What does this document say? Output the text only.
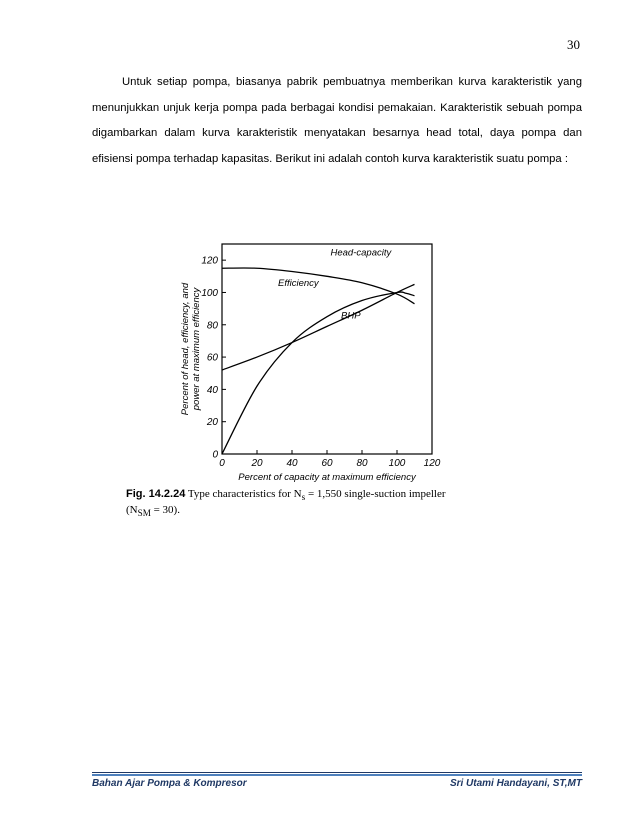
30

Untuk setiap pompa, biasanya pabrik pembuatnya memberikan kurva karakteristik yang menunjukkan unjuk kerja pompa pada berbagai kondisi pemakaian. Karakteristik sebuah pompa digambarkan dalam kurva karakteristik menyatakan besarnya head total, daya pompa dan efisiensi pompa terhadap kapasitas. Berikut ini adalah contoh kurva karakteristik suatu pompa :

0	20 40 60 80 100 120
0
20
40
60
80
100
120
Head-capacity
Efficiency
BHP
Percent of capacity at maximum efficiency
Percent of head, efficiency, andpower at maximum efficiency
Fig. 14.2.24 Type characteristics for $N_s = 1,550$ single-suction impeller
$(N_{SM} = 30)$.
Bahan Ajar Pompa & Kompresor	Sri Utami Handayani, ST,MT
